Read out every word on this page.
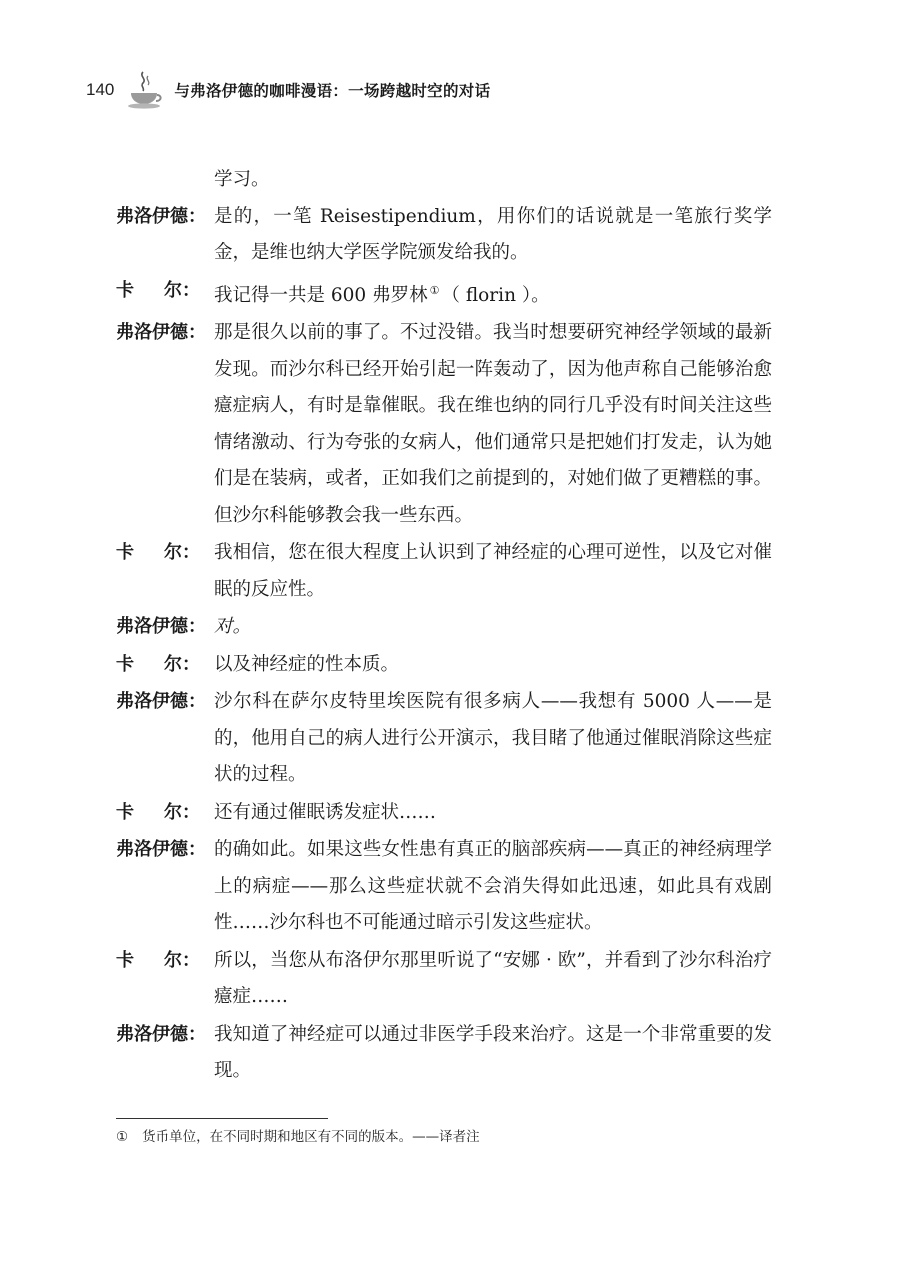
140	与弗洛伊德的咖啡漫语：一场跨越时空的对话
学习。
弗洛伊德： 是的，一笔 Reisestipendium，用你们的话说就是一笔旅行奖学金，是维也纳大学医学院颁发给我的。
卡 尔： 我记得一共是 600 弗罗林 ① （ florin ）。
弗洛伊德： 那是很久以前的事了。不过没错。我当时想要研究神经学领域的最新发现。而沙尔科已经开始引起一阵轰动了，因为他声称自己能够治愈癔症病人，有时是靠催眠。我在维也纳的同行几乎没有时间关注这些情绪激动、行为夸张的女病人，他们通常只是把她们打发走，认为她们是在装病，或者，正如我们之前提到的，对她们做了更糟糕的事。但沙尔科能够教会我一些东西。
卡 尔： 我相信，您在很大程度上认识到了神经症的心理可逆性，以及它对催眠的反应性。
弗洛伊德： 对。
卡 尔： 以及神经症的性本质。
弗洛伊德： 沙尔科在萨尔皮特里埃医院有很多病人——我想有 5000 人——是的，他用自己的病人进行公开演示，我目睹了他通过催眠消除这些症状的过程。
卡 尔： 还有通过催眠诱发症状……
弗洛伊德： 的确如此。如果这些女性患有真正的脑部疾病——真正的神经病理学上的病症——那么这些症状就不会消失得如此迅速，如此具有戏剧性……沙尔科也不可能通过暗示引发这些症状。
卡 尔： 所以，当您从布洛伊尔那里听说了“安娜 · 欧”，并看到了沙尔科治疗癔症……
弗洛伊德： 我知道了神经症可以通过非医学手段来治疗。这是一个非常重要的发现。
① 货币单位，在不同时期和地区有不同的版本。——译者注
